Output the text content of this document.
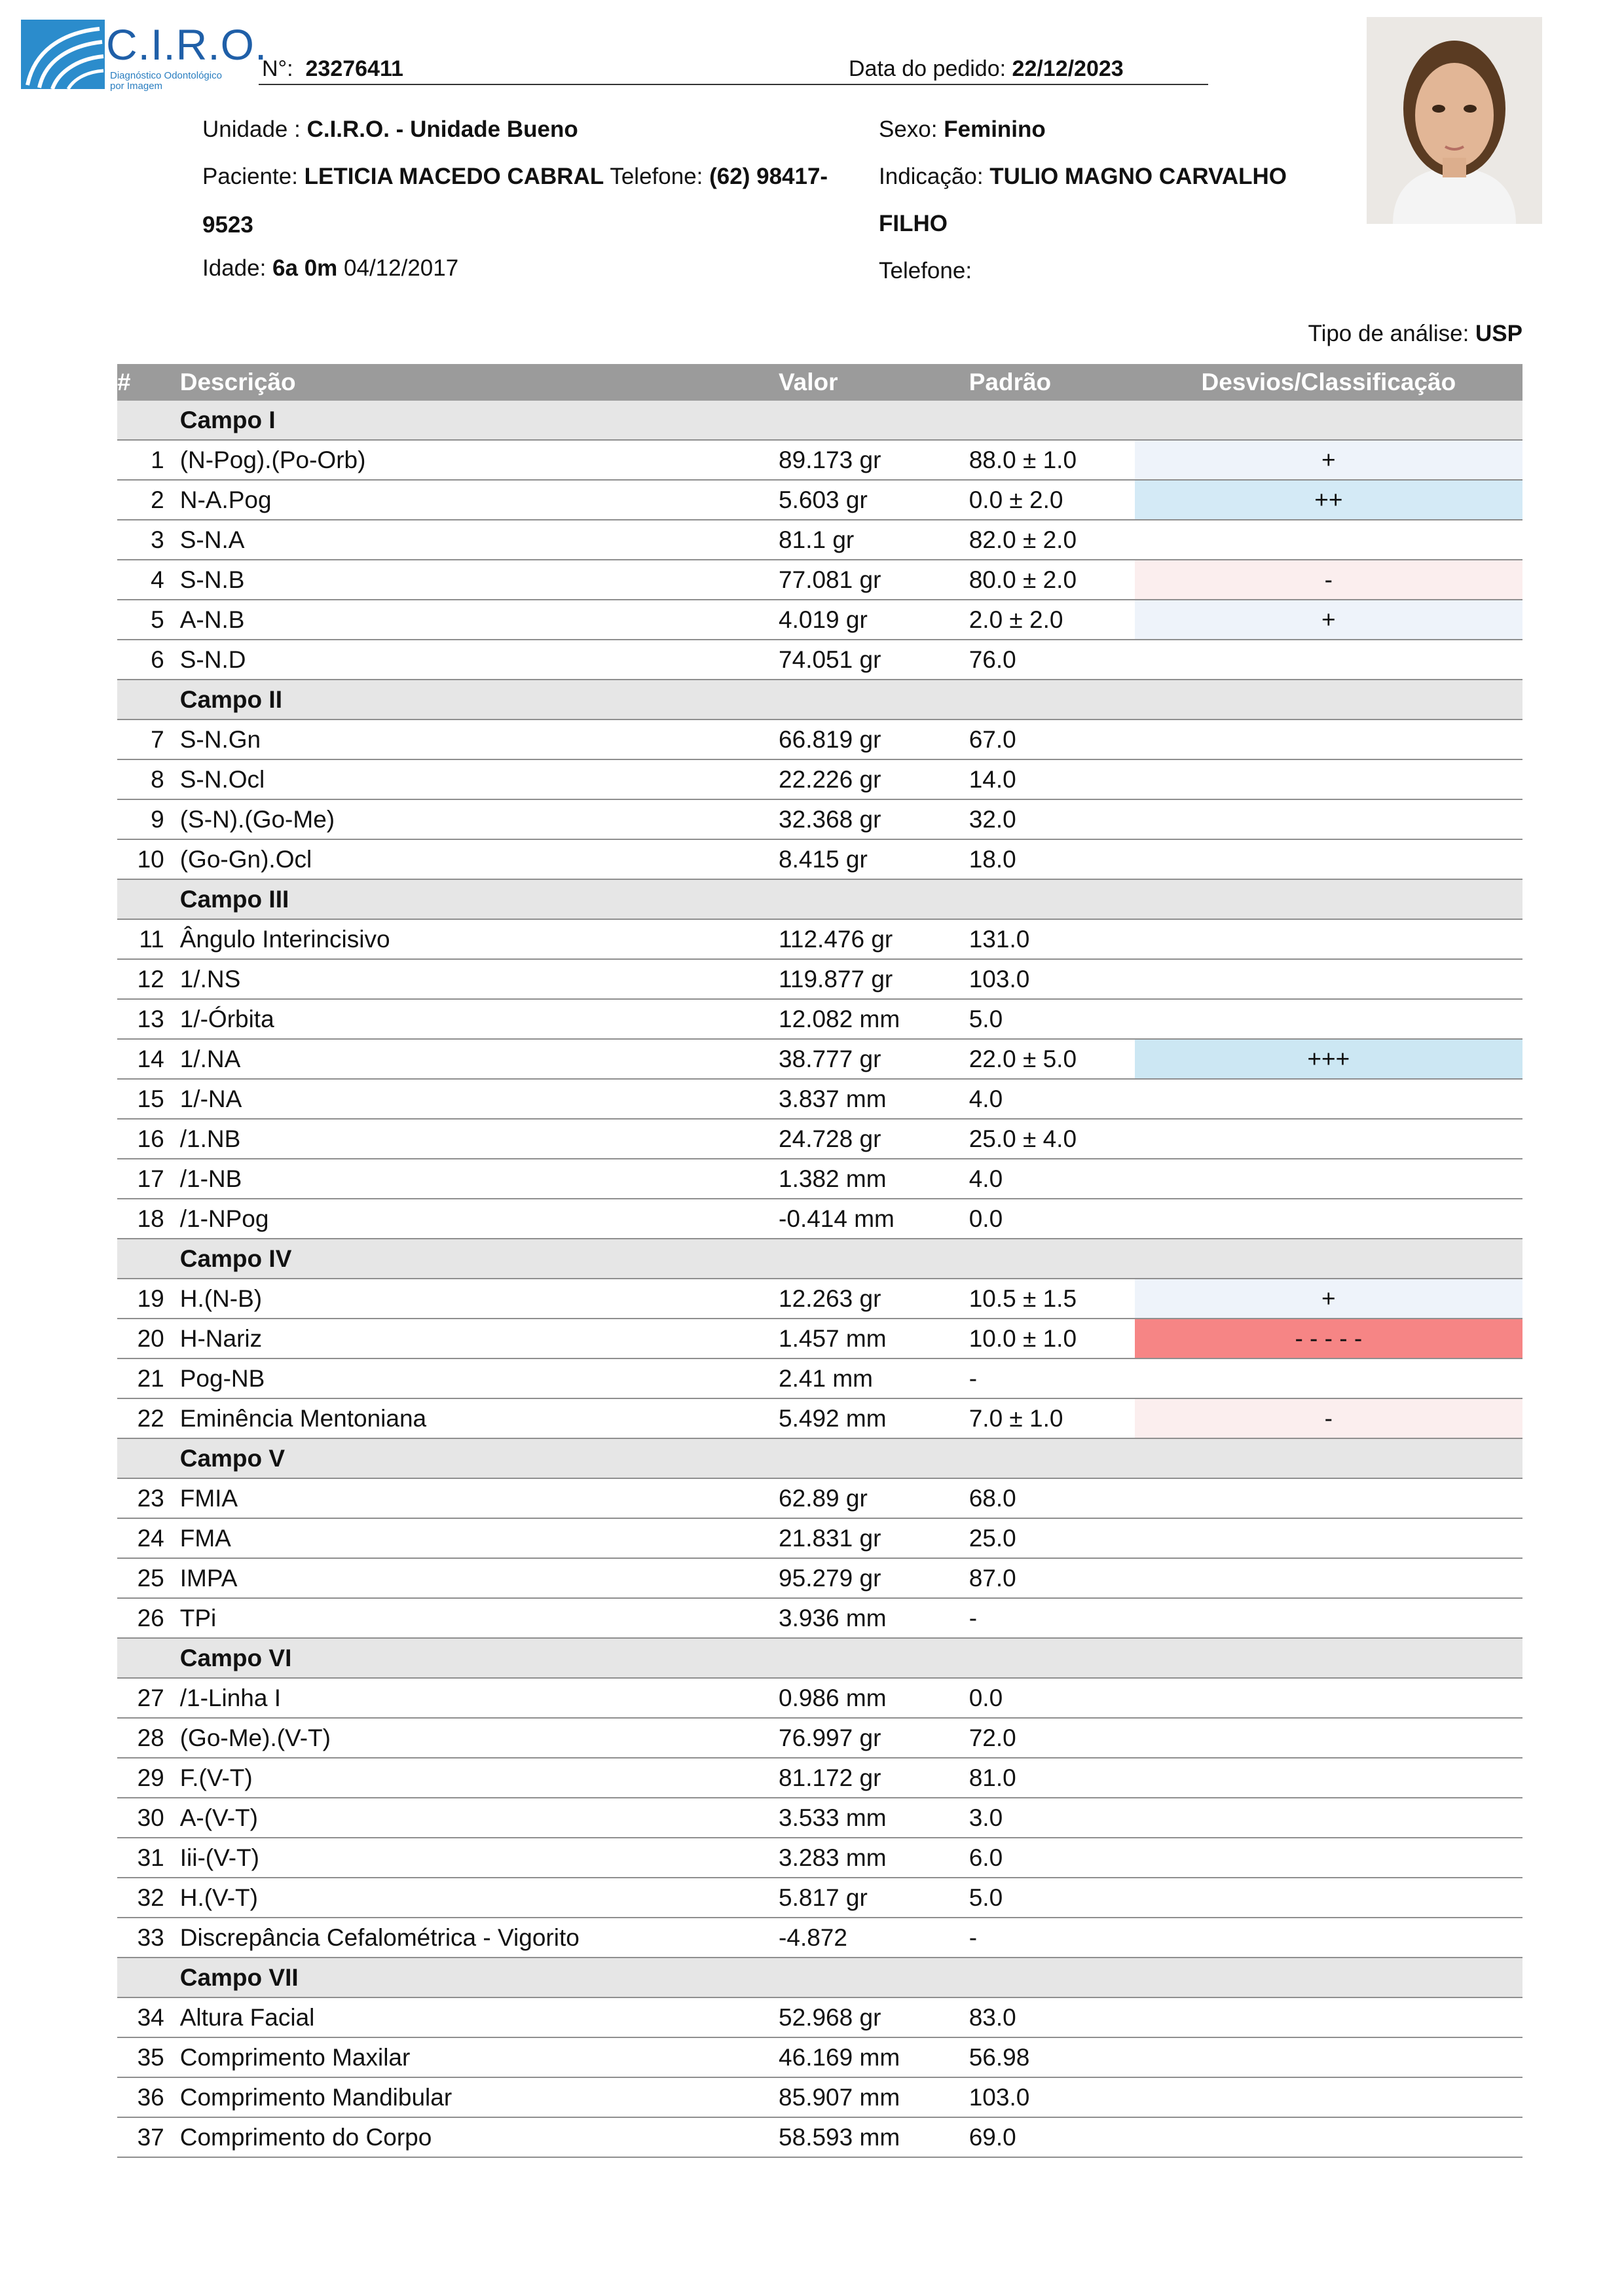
C.I.R.O.
Diagnóstico Odontológico por Imagem
N°: 23276411	Data do pedido: 22/12/2023
Unidade : C.I.R.O. - Unidade Bueno
Paciente: LETICIA MACEDO CABRAL Telefone: (62) 98417-
9523
Idade: 6a 0m 04/12/2017
Sexo: Feminino
Indicação: TULIO MAGNO CARVALHO
FILHO
Telefone:
Tipo de análise: USP
#	Descrição	Valor	Padrão	Desvios/Classificação
	Campo I			
1	(N-Pog).(Po-Orb)	89.173 gr	88.0 ± 1.0	+
2	N-A.Pog	5.603 gr	0.0 ± 2.0	++
3	S-N.A	81.1 gr	82.0 ± 2.0	
4	S-N.B	77.081 gr	80.0 ± 2.0	-
5	A-N.B	4.019 gr	2.0 ± 2.0	+
6	S-N.D	74.051 gr	76.0	
	Campo II			
7	S-N.Gn	66.819 gr	67.0	
8	S-N.Ocl	22.226 gr	14.0	
9	(S-N).(Go-Me)	32.368 gr	32.0	
10	(Go-Gn).Ocl	8.415 gr	18.0	
	Campo III			
11	Ângulo Interincisivo	112.476 gr	131.0	
12	1/.NS	119.877 gr	103.0	
13	1/-Órbita	12.082 mm	5.0	
14	1/.NA	38.777 gr	22.0 ± 5.0	+++
15	1/-NA	3.837 mm	4.0	
16	/1.NB	24.728 gr	25.0 ± 4.0	
17	/1-NB	1.382 mm	4.0	
18	/1-NPog	-0.414 mm	0.0	
	Campo IV			
19	H.(N-B)	12.263 gr	10.5 ± 1.5	+
20	H-Nariz	1.457 mm	10.0 ± 1.0	- - - - -
21	Pog-NB	2.41 mm	-	
22	Eminência Mentoniana	5.492 mm	7.0 ± 1.0	-
	Campo V			
23	FMIA	62.89 gr	68.0	
24	FMA	21.831 gr	25.0	
25	IMPA	95.279 gr	87.0	
26	TPi	3.936 mm	-	
	Campo VI			
27	/1-Linha I	0.986 mm	0.0	
28	(Go-Me).(V-T)	76.997 gr	72.0	
29	F.(V-T)	81.172 gr	81.0	
30	A-(V-T)	3.533 mm	3.0	
31	Iii-(V-T)	3.283 mm	6.0	
32	H.(V-T)	5.817 gr	5.0	
33	Discrepância Cefalométrica - Vigorito	-4.872	-	
	Campo VII			
34	Altura Facial	52.968 gr	83.0	
35	Comprimento Maxilar	46.169 mm	56.98	
36	Comprimento Mandibular	85.907 mm	103.0	
37	Comprimento do Corpo	58.593 mm	69.0	
